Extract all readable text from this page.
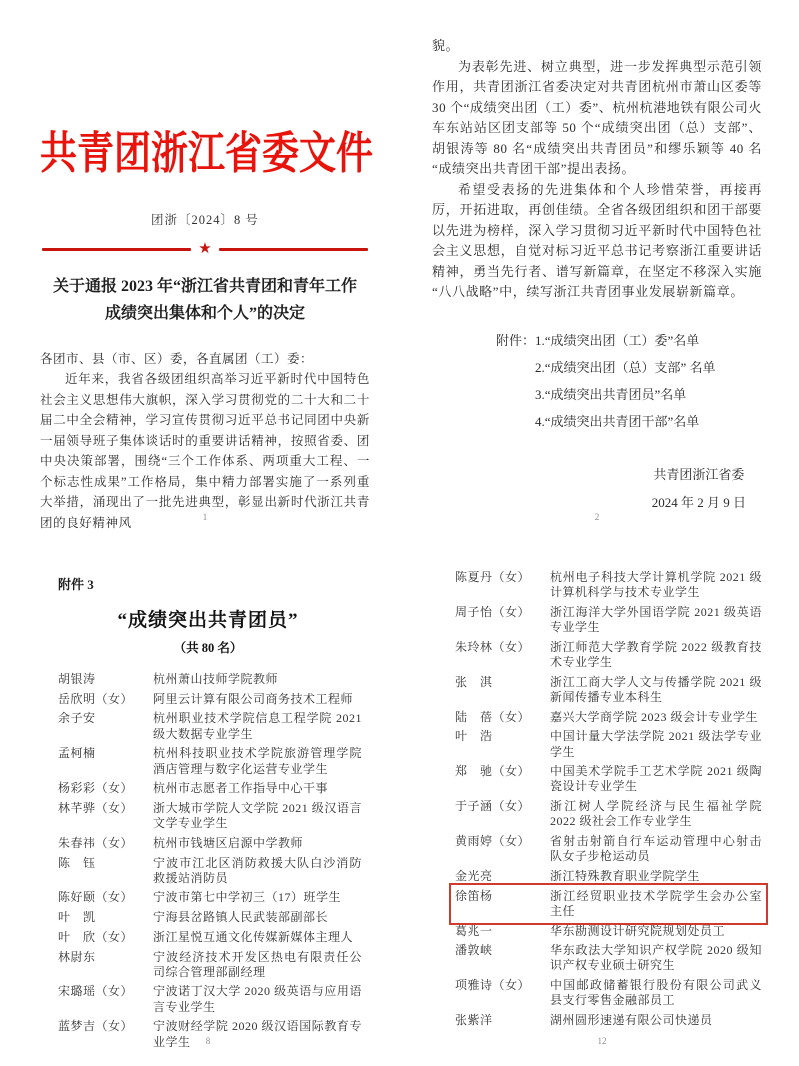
共青团浙江省委文件
团浙〔2024〕8 号
★
关于通报 2023 年“浙江省共青团和青年工作
成绩突出集体和个人”的决定

各团市、县（市、区）委，各直属团（工）委：

近年来，我省各级团组织高举习近平新时代中国特色社会主义思想伟大旗帜，深入学习贯彻党的二十大和二十届二中全会精神，学习宣传贯彻习近平总书记同团中央新一届领导班子集体谈话时的重要讲话精神，按照省委、团中央决策部署，围绕“三个工作体系、两项重大工程、一个标志性成果”工作格局，集中精力部署实施了一系列重大举措，涌现出了一批先进典型，彰显出新时代浙江共青团的良好精神风	1

貌。

为表彰先进、树立典型，进一步发挥典型示范引领作用，共青团浙江省委决定对共青团杭州市萧山区委等 30 个“成绩突出团（工）委”、杭州杭港地铁有限公司火车东站站区团支部等 50 个“成绩突出团（总）支部”、胡银涛等 80 名“成绩突出共青团员”和缪乐颖等 40 名“成绩突出共青团干部”提出表扬。

希望受表扬的先进集体和个人珍惜荣誉，再接再厉，开拓进取，再创佳绩。全省各级团组织和团干部要以先进为榜样，深入学习贯彻习近平新时代中国特色社会主义思想，自觉对标习近平总书记考察浙江重要讲话精神，勇当先行者、谱写新篇章，在坚定不移深入实施“八八战略”中，续写浙江共青团事业发展崭新篇章。

附件： 1.“成绩突出团（工）委”名单
2.“成绩突出团（总）支部” 名单
3.“成绩突出共青团员”名单
4.“成绩突出共青团干部”名单
共青团浙江省委
2024 年 2 月 9 日
2
附件 3
“成绩突出共青团员”
（共 80 名）
胡银涛	杭州萧山技师学院教师
岳欣明（女）	阿里云计算有限公司商务技术工程师
余子安	杭州职业技术学院信息工程学院 2021 级大数据专业学生
孟柯楠	杭州科技职业技术学院旅游管理学院酒店管理与数字化运营专业学生
杨彩彩（女）	杭州市志愿者工作指导中心干事
林芊骅（女）	浙大城市学院人文学院 2021 级汉语言文学专业学生
朱春祎（女）	杭州市钱塘区启源中学教师
陈　钰	宁波市江北区消防救援大队白沙消防救援站消防员
陈好颐（女）	宁波市第七中学初三（17）班学生
叶　凯	宁海县岔路镇人民武装部副部长
叶　欣（女）	浙江星悦互通文化传媒新媒体主理人
林尉东	宁波经济技术开发区热电有限责任公司综合管理部副经理
宋璐瑶（女）	宁波诺丁汉大学 2020 级英语与应用语言专业学生
蓝梦吉（女）	宁波财经学院 2020 级汉语国际教育专业学生	8
陈夏丹（女）	杭州电子科技大学计算机学院 2021 级计算机科学与技术专业学生
周子怡（女）	浙江海洋大学外国语学院 2021 级英语专业学生
朱玲林（女）	浙江师范大学教育学院 2022 级教育技术专业学生
张　淇	浙江工商大学人文与传播学院 2021 级新闻传播专业本科生
陆　蓓（女）	嘉兴大学商学院 2023 级会计专业学生
叶　浩	中国计量大学法学院 2021 级法学专业学生
郑　驰（女）	中国美术学院手工艺术学院 2021 级陶瓷设计专业学生
于子涵（女）	浙江树人学院经济与民生福祉学院 2022 级社会工作专业学生
黄雨婷（女）	省射击射箭自行车运动管理中心射击队女子步枪运动员
金光亮	浙江特殊教育职业学院学生
徐笛杨	浙江经贸职业技术学院学生会办公室主任
葛兆一	华东勘测设计研究院规划处员工
潘敦峡	华东政法大学知识产权学院 2020 级知识产权专业硕士研究生
项雅诗（女）	中国邮政储蓄银行股份有限公司武义县支行零售金融部员工
张紫洋	湖州圆形速递有限公司快递员
12
